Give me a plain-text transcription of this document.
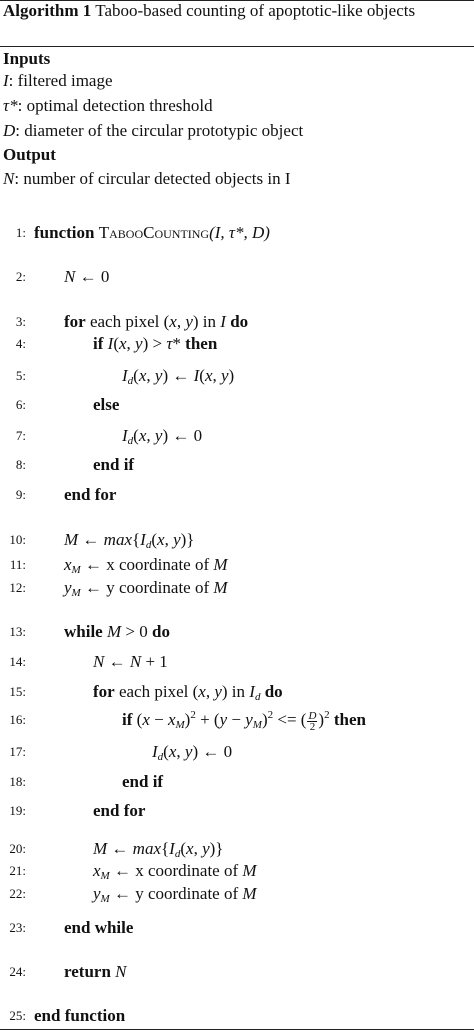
Algorithm 1 Taboo-based counting of apoptotic-like objects
Inputs
I: filtered image
τ*: optimal detection threshold
D: diameter of the circular prototypic object
Output
N: number of circular detected objects in I
1: function TabooCounting(I, τ*, D)
2: N ← 0
3: for each pixel (x, y) in I do
4:	if I(x, y) > τ* then
5:	$I_d(x$, y) ← I(x, y)
6:	else
7:	$I_d(x$, y) ← 0
8:	end if
9: end for
10: M ← $\max\{I_d(x$, y)}
11: $x_M$ ← x coordinate of M
12: $y_M$ ← y coordinate of M
13: while M > 0 do
14:	N ← N + 1
15:	for each pixel (x, y) in $I_d$ do
16:	if $(x - x_M)^2 + (y - y_M)^2$ <= ( $\frac{D}{2} )^2$ then
17:	$I_d(x$, y) ← 0
18:	end if
19:	end for
20:	M ← $\max\{I_d(x$, y)}
21:	$x_M$ ← x coordinate of M
22:	$y_M$ ← y coordinate of M
23: end while
24: return N
25: end function
